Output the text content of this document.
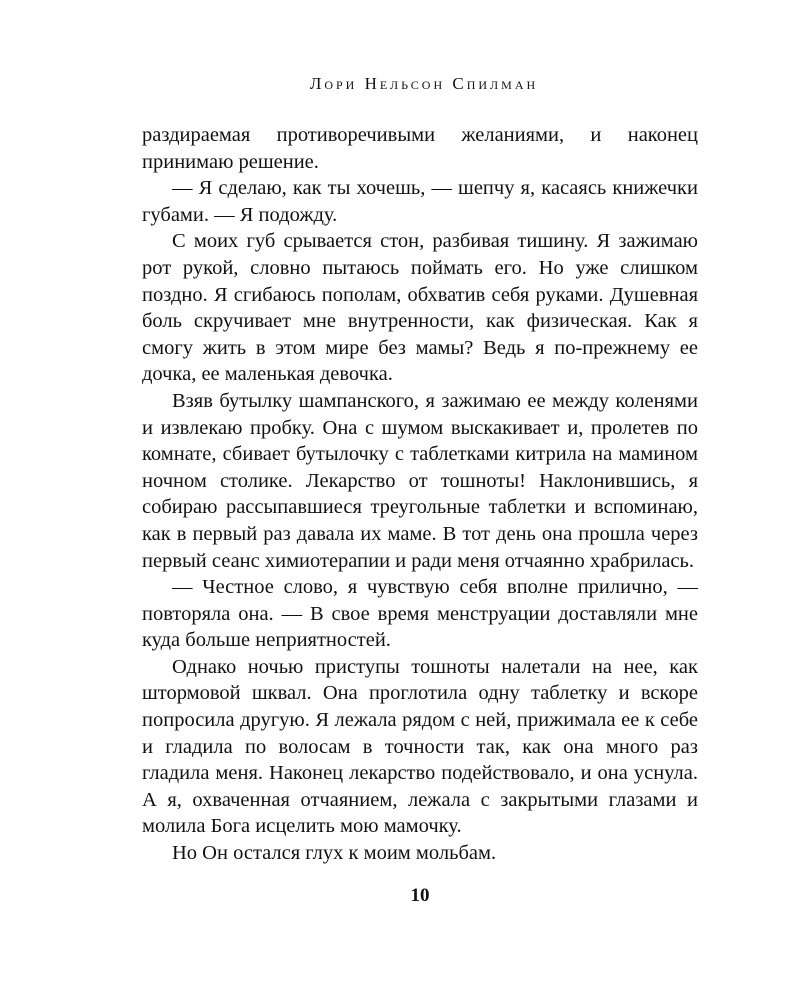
Лори Нельсон Спилман

раздираемая противоречивыми желаниями, и наконец принимаю решение.

— Я сделаю, как ты хочешь, — шепчу я, касаясь книжечки губами. — Я подожду.

С моих губ срывается стон, разбивая тишину. Я зажимаю рот рукой, словно пытаюсь поймать его. Но уже слишком поздно. Я сгибаюсь пополам, обхватив себя руками. Душевная боль скручивает мне внутренности, как физическая. Как я смогу жить в этом мире без мамы? Ведь я по-прежнему ее дочка, ее маленькая девочка.

Взяв бутылку шампанского, я зажимаю ее между коленями и извлекаю пробку. Она с шумом выскакивает и, пролетев по комнате, сбивает бутылочку с таблетками китрила на мамином ночном столике. Лекарство от тошноты! Наклонившись, я собираю рассыпавшиеся треугольные таблетки и вспоминаю, как в первый раз давала их маме. В тот день она прошла через первый сеанс химиотерапии и ради меня отчаянно храбрилась.

— Честное слово, я чувствую себя вполне прилично, — повторяла она. — В свое время менструации доставляли мне куда больше неприятностей.

Однако ночью приступы тошноты налетали на нее, как штормовой шквал. Она проглотила одну таблетку и вскоре попросила другую. Я лежала рядом с ней, прижимала ее к себе и гладила по волосам в точности так, как она много раз гладила меня. Наконец лекарство подействовало, и она уснула. А я, охваченная отчаянием, лежала с закрытыми глазами и молила Бога исцелить мою мамочку.

Но Он остался глух к моим мольбам.

10
